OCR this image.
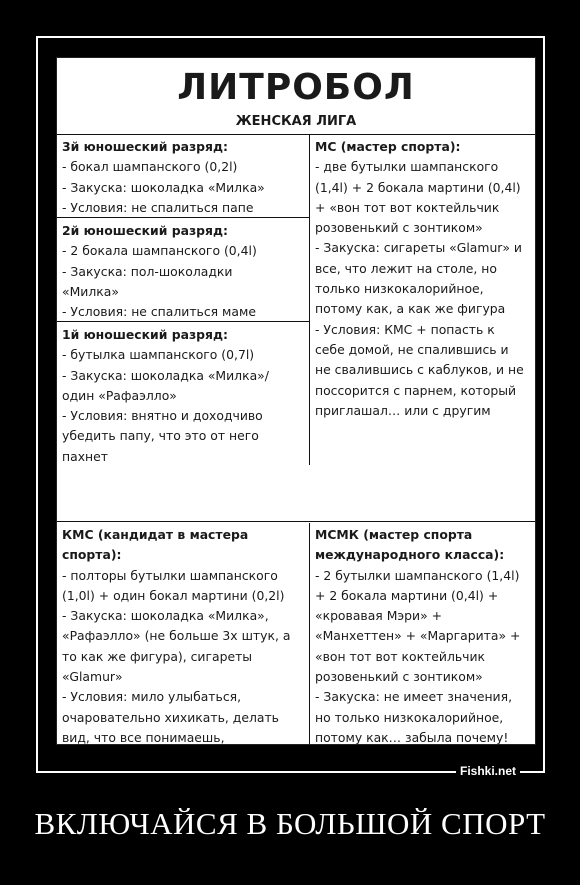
ЛИТРОБОЛ
ЖЕНСКАЯ ЛИГА
3й юношеский разряд:
- бокал шампанского (0,2l)
- Закуска: шоколадка «Милка»
- Условия: не спалиться папе
2й юношеский разряд:
- 2 бокала шампанского (0,4l)
- Закуска: пол-шоколадки
«Милка»
- Условия: не спалиться маме
1й юношеский разряд:
- бутылка шампанского (0,7l)
- Закуска: шоколадка «Милка»/
один «Рафаэлло»
- Условия: внятно и доходчиво
убедить папу, что это от него
пахнет
МС (мастер спорта):
- две бутылки шампанского
(1,4l) + 2 бокала мартини (0,4l)
+ «вон тот вот коктейльчик
розовенький с зонтиком»
- Закуска: сигареты «Glamur» и
все, что лежит на столе, но
только низкокалорийное,
потому как, а как же фигура
- Условия: КМС + попасть к
себе домой, не спалившись и
не свалившись с каблуков, и не
поссорится с парнем, который
приглашал… или с другим
КМС (кандидат в мастера
спорта):
- полторы бутылки шампанского
(1,0l) + один бокал мартини (0,2l)
- Закуска: шоколадка «Милка»,
«Рафаэлло» (не больше 3х штук, а
то как же фигура), сигареты
«Glamur»
- Условия: мило улыбаться,
очаровательно хихикать, делать
вид, что все понимаешь,
МСМК (мастер спорта
международного класса):
- 2 бутылки шампанского (1,4l)
+ 2 бокала мартини (0,4l) +
«кровавая Мэри» +
«Манхеттен» + «Маргарита» +
«вон тот вот коктейльчик
розовенький с зонтиком»
- Закуска: не имеет значения,
но только низкокалорийное,
потому как… забыла почему!
Fishki.net
ВКЛЮЧАЙСЯ В БОЛЬШОЙ СПОРТ
